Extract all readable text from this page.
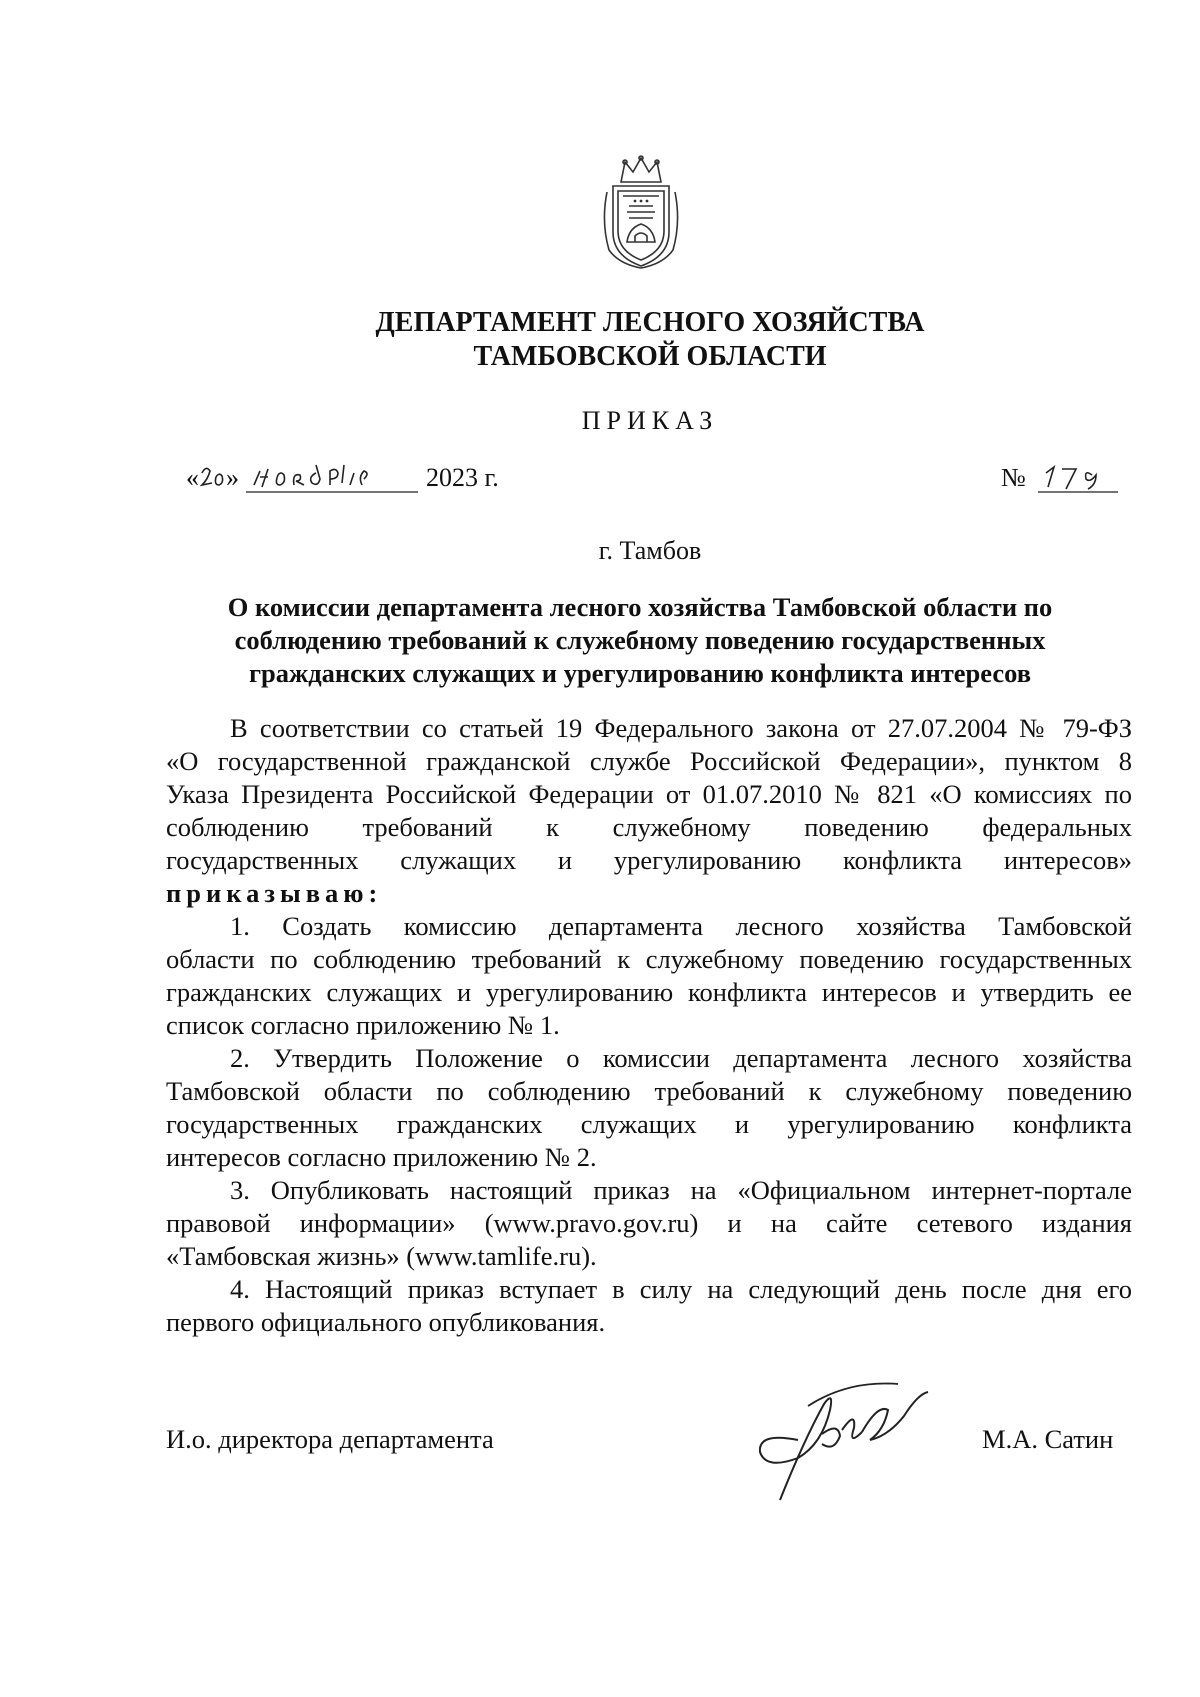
ДЕПАРТАМЕНТ ЛЕСНОГО ХОЗЯЙСТВА
ТАМБОВСКОЙ ОБЛАСТИ
ПРИКАЗ
« »	2023 г.	№
г. Тамбов
О комиссии департамента лесного хозяйства Тамбовской области по
соблюдению требований к служебному поведению государственных
гражданских служащих и урегулированию конфликта интересов
В соответствии со статьей 19 Федерального закона от 27.07.2004 № 79-ФЗ
«О государственной гражданской службе Российской Федерации», пунктом 8
Указа Президента Российской Федерации от 01.07.2010 № 821 «О комиссиях по
соблюдению требований к служебному поведению федеральных
государственных служащих и урегулированию конфликта интересов»
приказываю:
1. Создать комиссию департамента лесного хозяйства Тамбовской
области по соблюдению требований к служебному поведению государственных
гражданских служащих и урегулированию конфликта интересов и утвердить ее
список согласно приложению № 1.
2. Утвердить Положение о комиссии департамента лесного хозяйства
Тамбовской области по соблюдению требований к служебному поведению
государственных гражданских служащих и урегулированию конфликта
интересов согласно приложению № 2.
3. Опубликовать настоящий приказ на «Официальном интернет-портале
правовой информации» (www.pravo.gov.ru) и на сайте сетевого издания
«Тамбовская жизнь» (www.tamlife.ru).
4. Настоящий приказ вступает в силу на следующий день после дня его
первого официального опубликования.
И.о. директора департамента	М.А. Сатин
